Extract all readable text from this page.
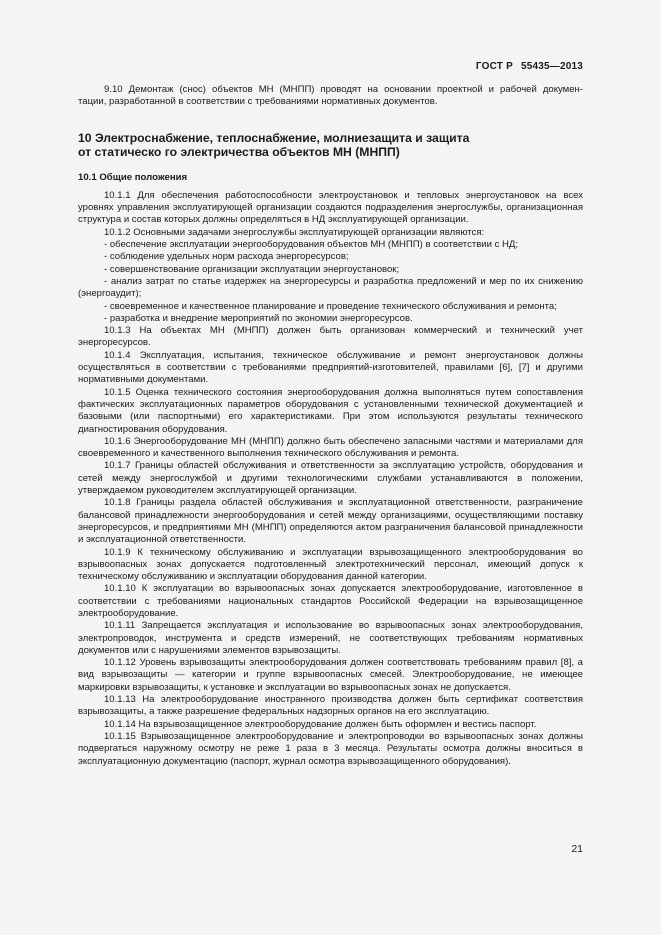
ГОСТ Р 55435—2013

9.10 Демонтаж (снос) объектов МН (МНПП) проводят на основании проектной и рабочей докумен-

тации, разработанной в соответствии с требованиями нормативных документов.

10 Электроснабжение, теплоснабжение, молниезащита и защита
от статическо го электричества объектов МН (МНПП)
10.1 Общие положения

10.1.1 Для обеспечения работоспособности электроустановок и тепловых энергоустановок на всех уровнях управления эксплуатирующей организации создаются подразделения энергослужбы, организационная структура и состав которых должны определяться в НД эксплуатирующей организации.

10.1.2 Основными задачами энергослужбы эксплуатирующей организации являются:

- обеспечение эксплуатации энергооборудования объектов МН (МНПП) в соответствии с НД;

- соблюдение удельных норм расхода энергоресурсов;

- совершенствование организации эксплуатации энергоустановок;

- анализ затрат по статье издержек на энергоресурсы и разработка предложений и мер по их снижению (энергоаудит);

- своевременное и качественное планирование и проведение технического обслуживания и ремонта;

- разработка и внедрение мероприятий по экономии энергоресурсов.

10.1.3 На объектах МН (МНПП) должен быть организован коммерческий и технический учет энергоресурсов.

10.1.4 Эксплуатация, испытания, техническое обслуживание и ремонт энергоустановок должны осуществляться в соответствии с требованиями предприятий-изготовителей, правилами [6], [7] и другими нормативными документами.

10.1.5 Оценка технического состояния энергооборудования должна выполняться путем сопоставления фактических эксплуатационных параметров оборудования с установленными технической документацией и базовыми (или паспортными) его характеристиками. При этом используются результаты технического диагностирования оборудования.

10.1.6 Энергооборудование МН (МНПП) должно быть обеспечено запасными частями и материалами для своевременного и качественного выполнения технического обслуживания и ремонта.

10.1.7 Границы областей обслуживания и ответственности за эксплуатацию устройств, оборудования и сетей между энергослужбой и другими технологическими службами устанавливаются в положении, утверждаемом руководителем эксплуатирующей организации.

10.1.8 Границы раздела областей обслуживания и эксплуатационной ответственности, разграничение балансовой принадлежности энергооборудования и сетей между организациями, осуществляющими поставку энергоресурсов, и предприятиями МН (МНПП) определяются актом разграничения балансовой принадлежности и эксплуатационной ответственности.

10.1.9 К техническому обслуживанию и эксплуатации взрывозащищенного электрооборудования во взрывоопасных зонах допускается подготовленный электротехнический персонал, имеющий допуск к техническому обслуживанию и эксплуатации оборудования данной категории.

10.1.10 К эксплуатации во взрывоопасных зонах допускается электрооборудование, изготовленное в соответствии с требованиями национальных стандартов Российской Федерации на взрывозащищенное электрооборудование.

10.1.11 Запрещается эксплуатация и использование во взрывоопасных зонах электрооборудования, электропроводок, инструмента и средств измерений, не соответствующих требованиям нормативных документов или с нарушениями элементов взрывозащиты.

10.1.12 Уровень взрывозащиты электрооборудования должен соответствовать требованиям правил [8], а вид взрывозащиты — категории и группе взрывоопасных смесей. Электрооборудование, не имеющее маркировки взрывозащиты, к установке и эксплуатации во взрывоопасных зонах не допускается.

10.1.13 На электрооборудование иностранного производства должен быть сертификат соответствия взрывозащиты, а также разрешение федеральных надзорных органов на его эксплуатацию.

10.1.14 На взрывозащищенное электрооборудование должен быть оформлен и вестись паспорт.

10.1.15 Взрывозащищенное электрооборудование и электропроводки во взрывоопасных зонах должны подвергаться наружному осмотру не реже 1 раза в 3 месяца. Результаты осмотра должны вноситься в эксплуатационную документацию (паспорт, журнал осмотра взрывозащищенного оборудования).

21
